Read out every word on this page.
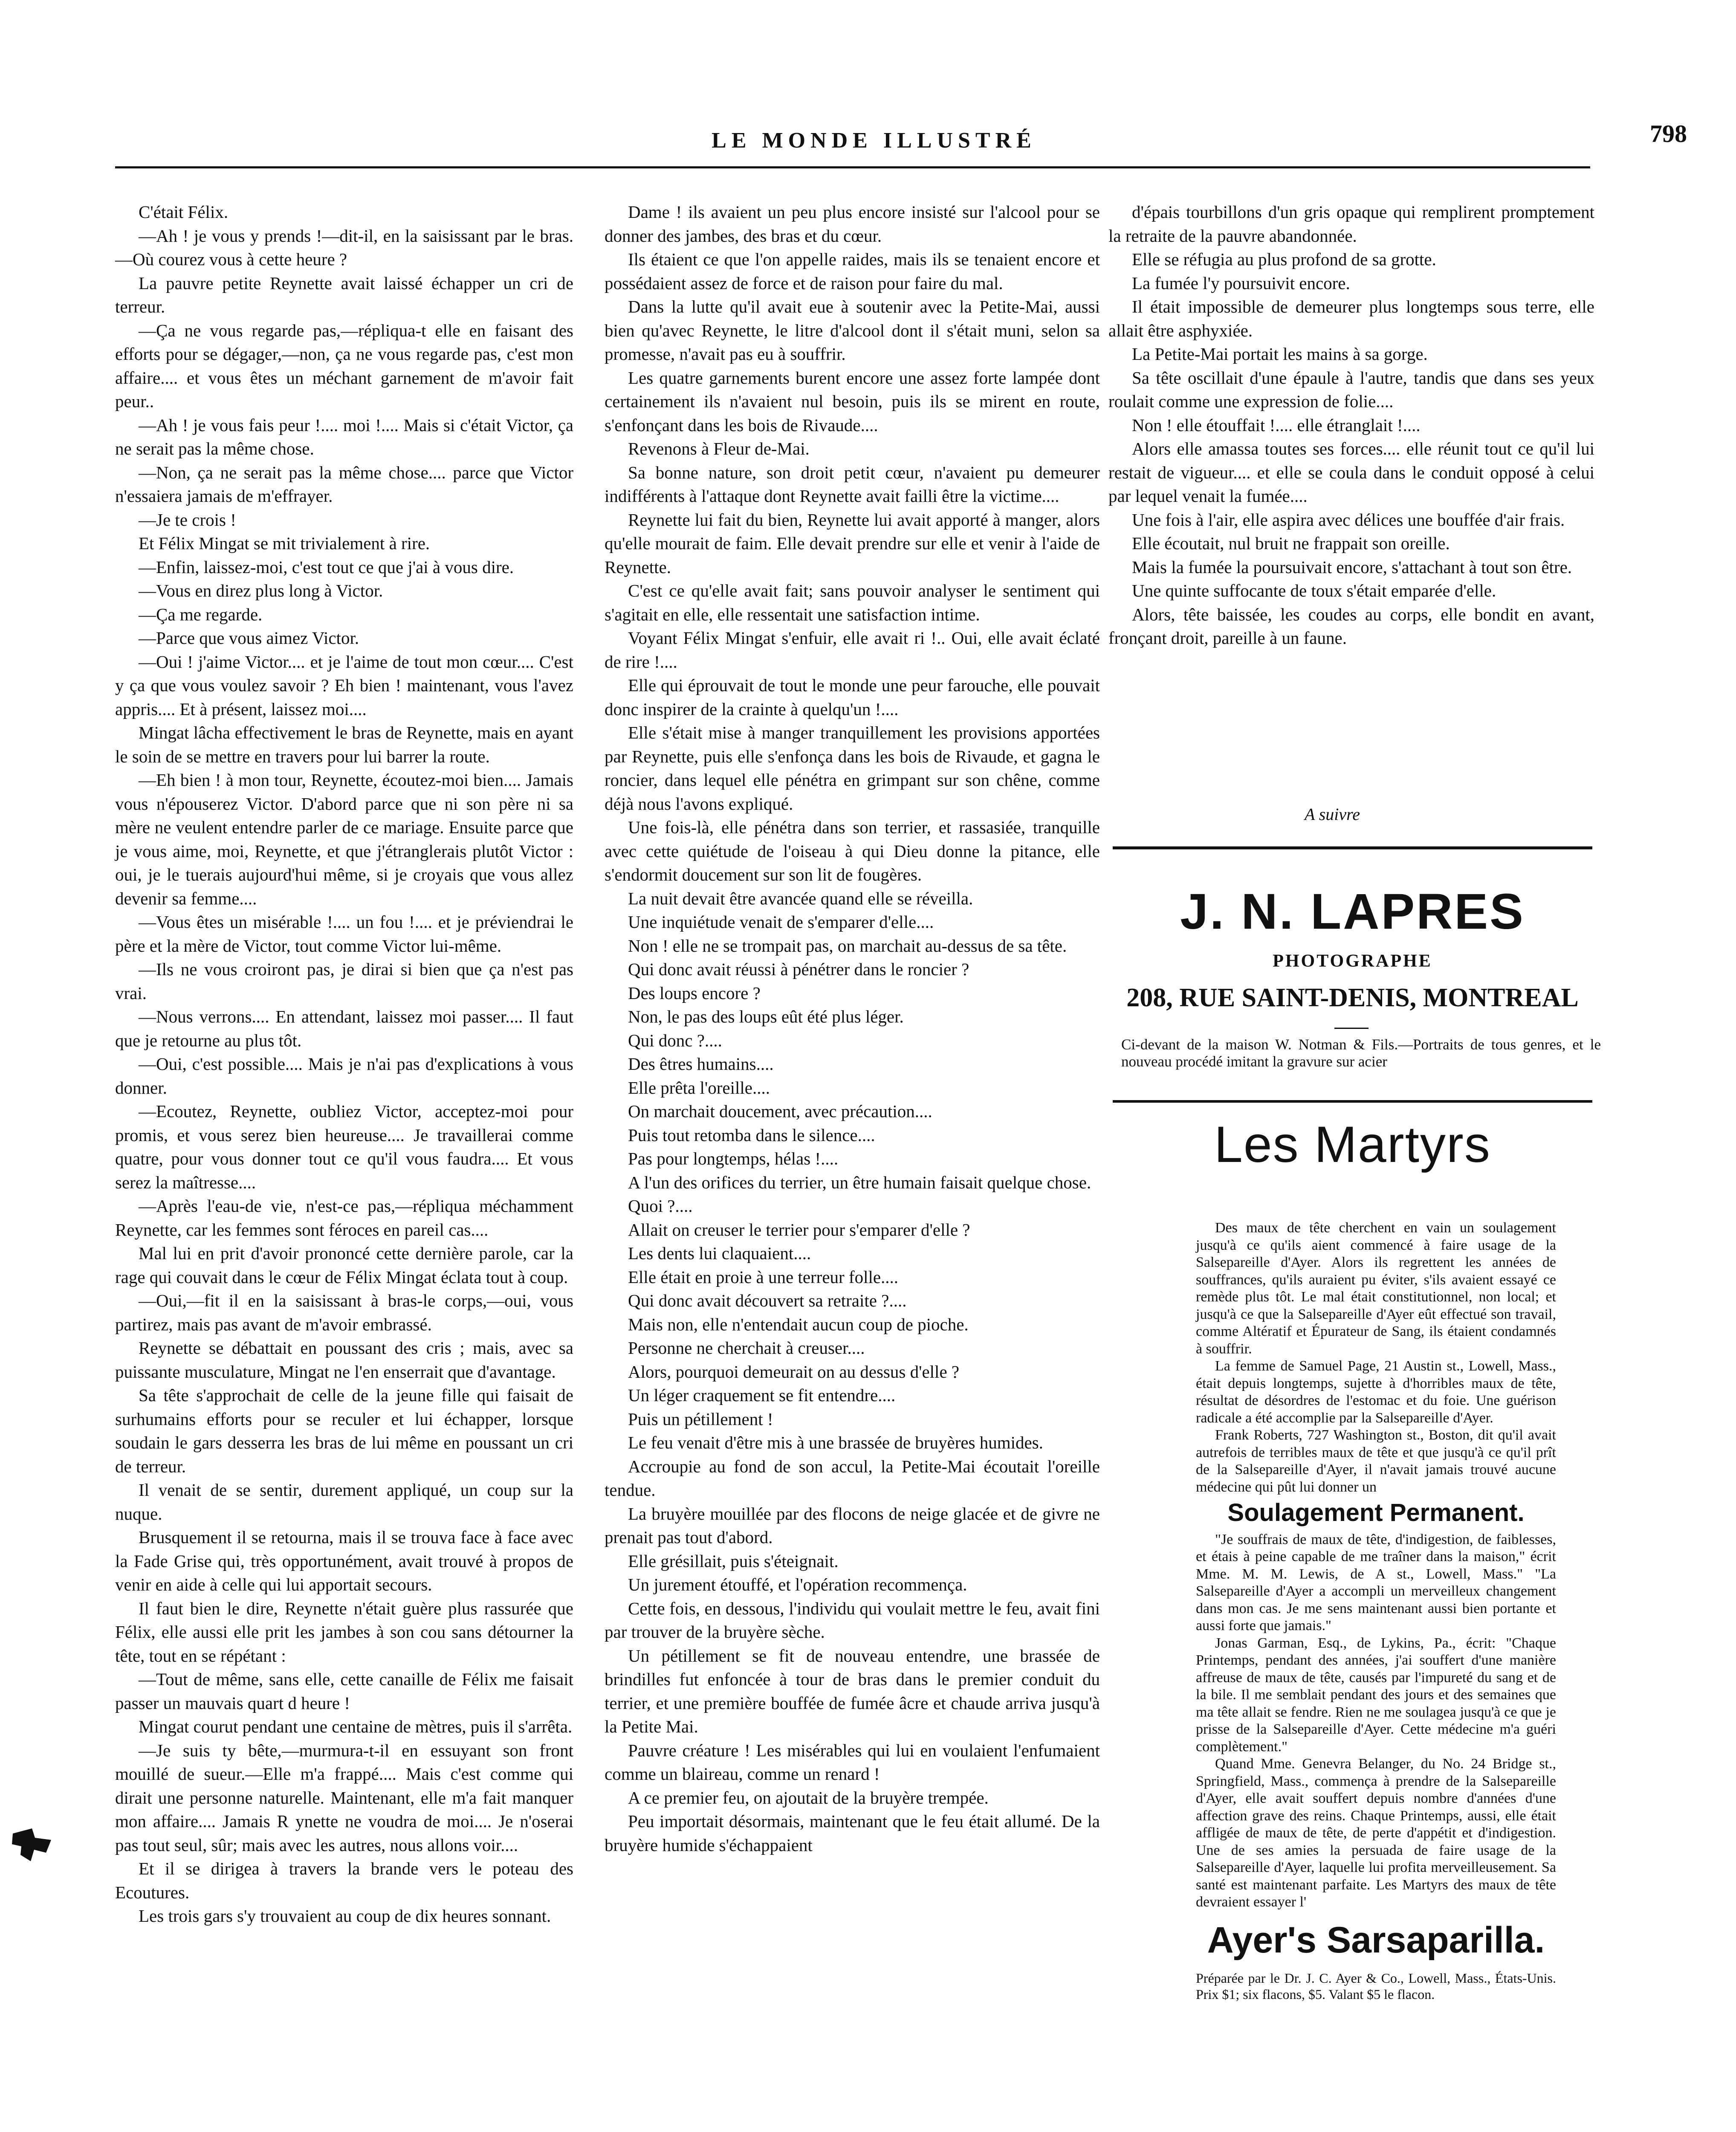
LE MONDE ILLUSTRÉ	798

C'était Félix.

—Ah ! je vous y prends !—dit-il, en la saisissant par le bras.—Où courez vous à cette heure ?

La pauvre petite Reynette avait laissé échapper un cri de terreur.

—Ça ne vous regarde pas,—répliqua-t elle en faisant des efforts pour se dégager,—non, ça ne vous regarde pas, c'est mon affaire.... et vous êtes un méchant garnement de m'avoir fait peur..

—Ah ! je vous fais peur !.... moi !.... Mais si c'était Victor, ça ne serait pas la même chose.

—Non, ça ne serait pas la même chose.... parce que Victor n'essaiera jamais de m'effrayer.

—Je te crois !

Et Félix Mingat se mit trivialement à rire.

—Enfin, laissez-moi, c'est tout ce que j'ai à vous dire.

—Vous en direz plus long à Victor.

—Ça me regarde.

—Parce que vous aimez Victor.

—Oui ! j'aime Victor.... et je l'aime de tout mon cœur.... C'est y ça que vous voulez savoir ? Eh bien ! maintenant, vous l'avez appris.... Et à présent, laissez moi....

Mingat lâcha effectivement le bras de Reynette, mais en ayant le soin de se mettre en travers pour lui barrer la route.

—Eh bien ! à mon tour, Reynette, écoutez-moi bien.... Jamais vous n'épouserez Victor. D'abord parce que ni son père ni sa mère ne veulent entendre parler de ce mariage. Ensuite parce que je vous aime, moi, Reynette, et que j'étranglerais plutôt Victor : oui, je le tuerais aujourd'hui même, si je croyais que vous allez devenir sa femme....

—Vous êtes un misérable !.... un fou !.... et je préviendrai le père et la mère de Victor, tout comme Victor lui-même.

—Ils ne vous croiront pas, je dirai si bien que ça n'est pas vrai.

—Nous verrons.... En attendant, laissez moi passer.... Il faut que je retourne au plus tôt.

—Oui, c'est possible.... Mais je n'ai pas d'explications à vous donner.

—Ecoutez, Reynette, oubliez Victor, acceptez-moi pour promis, et vous serez bien heureuse.... Je travaillerai comme quatre, pour vous donner tout ce qu'il vous faudra.... Et vous serez la maîtresse....

—Après l'eau-de vie, n'est-ce pas,—répliqua méchamment Reynette, car les femmes sont féroces en pareil cas....

Mal lui en prit d'avoir prononcé cette dernière parole, car la rage qui couvait dans le cœur de Félix Mingat éclata tout à coup.

—Oui,—fit il en la saisissant à bras-le corps,—oui, vous partirez, mais pas avant de m'avoir embrassé.

Reynette se débattait en poussant des cris ; mais, avec sa puissante musculature, Mingat ne l'en enserrait que d'avantage.

Sa tête s'approchait de celle de la jeune fille qui faisait de surhumains efforts pour se reculer et lui échapper, lorsque soudain le gars desserra les bras de lui même en poussant un cri de terreur.

Il venait de se sentir, durement appliqué, un coup sur la nuque.

Brusquement il se retourna, mais il se trouva face à face avec la Fade Grise qui, très opportunément, avait trouvé à propos de venir en aide à celle qui lui apportait secours.

Il faut bien le dire, Reynette n'était guère plus rassurée que Félix, elle aussi elle prit les jambes à son cou sans détourner la tête, tout en se répétant :

—Tout de même, sans elle, cette canaille de Félix me faisait passer un mauvais quart d heure !

Mingat courut pendant une centaine de mètres, puis il s'arrêta.

—Je suis ty bête,—murmura-t-il en essuyant son front mouillé de sueur.—Elle m'a frappé.... Mais c'est comme qui dirait une personne naturelle. Maintenant, elle m'a fait manquer mon affaire.... Jamais R ynette ne voudra de moi.... Je n'oserai pas tout seul, sûr; mais avec les autres, nous allons voir....

Et il se dirigea à travers la brande vers le poteau des Ecoutures.

Les trois gars s'y trouvaient au coup de dix heures sonnant.

Dame ! ils avaient un peu plus encore insisté sur l'alcool pour se donner des jambes, des bras et du cœur.

Ils étaient ce que l'on appelle raides, mais ils se tenaient encore et possédaient assez de force et de raison pour faire du mal.

Dans la lutte qu'il avait eue à soutenir avec la Petite-Mai, aussi bien qu'avec Reynette, le litre d'alcool dont il s'était muni, selon sa promesse, n'avait pas eu à souffrir.

Les quatre garnements burent encore une assez forte lampée dont certainement ils n'avaient nul besoin, puis ils se mirent en route, s'enfonçant dans les bois de Rivaude....

Revenons à Fleur de-Mai.

Sa bonne nature, son droit petit cœur, n'avaient pu demeurer indifférents à l'attaque dont Reynette avait failli être la victime....

Reynette lui fait du bien, Reynette lui avait apporté à manger, alors qu'elle mourait de faim. Elle devait prendre sur elle et venir à l'aide de Reynette.

C'est ce qu'elle avait fait; sans pouvoir analyser le sentiment qui s'agitait en elle, elle ressentait une satisfaction intime.

Voyant Félix Mingat s'enfuir, elle avait ri !.. Oui, elle avait éclaté de rire !....

Elle qui éprouvait de tout le monde une peur farouche, elle pouvait donc inspirer de la crainte à quelqu'un !....

Elle s'était mise à manger tranquillement les provisions apportées par Reynette, puis elle s'enfonça dans les bois de Rivaude, et gagna le roncier, dans lequel elle pénétra en grimpant sur son chêne, comme déjà nous l'avons expliqué.

Une fois-là, elle pénétra dans son terrier, et rassasiée, tranquille avec cette quiétude de l'oiseau à qui Dieu donne la pitance, elle s'endormit doucement sur son lit de fougères.

La nuit devait être avancée quand elle se réveilla.

Une inquiétude venait de s'emparer d'elle....

Non ! elle ne se trompait pas, on marchait au-dessus de sa tête.

Qui donc avait réussi à pénétrer dans le roncier ?

Des loups encore ?

Non, le pas des loups eût été plus léger.

Qui donc ?....

Des êtres humains....

Elle prêta l'oreille....

On marchait doucement, avec précaution....

Puis tout retomba dans le silence....

Pas pour longtemps, hélas !....

A l'un des orifices du terrier, un être humain faisait quelque chose.

Quoi ?....

Allait on creuser le terrier pour s'emparer d'elle ?

Les dents lui claquaient....

Elle était en proie à une terreur folle....

Qui donc avait découvert sa retraite ?....

Mais non, elle n'entendait aucun coup de pioche.

Personne ne cherchait à creuser....

Alors, pourquoi demeurait on au dessus d'elle ?

Un léger craquement se fit entendre....

Puis un pétillement !

Le feu venait d'être mis à une brassée de bruyères humides.

Accroupie au fond de son accul, la Petite-Mai écoutait l'oreille tendue.

La bruyère mouillée par des flocons de neige glacée et de givre ne prenait pas tout d'abord.

Elle grésillait, puis s'éteignait.

Un jurement étouffé, et l'opération recommença.

Cette fois, en dessous, l'individu qui voulait mettre le feu, avait fini par trouver de la bruyère sèche.

Un pétillement se fit de nouveau entendre, une brassée de brindilles fut enfoncée à tour de bras dans le premier conduit du terrier, et une première bouffée de fumée âcre et chaude arriva jusqu'à la Petite Mai.

Pauvre créature ! Les misérables qui lui en voulaient l'enfumaient comme un blaireau, comme un renard !

A ce premier feu, on ajoutait de la bruyère trempée.

Peu importait désormais, maintenant que le feu était allumé. De la bruyère humide s'échappaient

d'épais tourbillons d'un gris opaque qui remplirent promptement la retraite de la pauvre abandonnée.

Elle se réfugia au plus profond de sa grotte.

La fumée l'y poursuivit encore.

Il était impossible de demeurer plus longtemps sous terre, elle allait être asphyxiée.

La Petite-Mai portait les mains à sa gorge.

Sa tête oscillait d'une épaule à l'autre, tandis que dans ses yeux roulait comme une expression de folie....

Non ! elle étouffait !.... elle étranglait !....

Alors elle amassa toutes ses forces.... elle réunit tout ce qu'il lui restait de vigueur.... et elle se coula dans le conduit opposé à celui par lequel venait la fumée....

Une fois à l'air, elle aspira avec délices une bouffée d'air frais.

Elle écoutait, nul bruit ne frappait son oreille.

Mais la fumée la poursuivait encore, s'attachant à tout son être.

Une quinte suffocante de toux s'était emparée d'elle.

Alors, tête baissée, les coudes au corps, elle bondit en avant, fronçant droit, pareille à un faune.

A suivre
J. N. LAPRES
PHOTOGRAPHE
208, RUE SAINT-DENIS, MONTREAL
Ci-devant de la maison W. Notman & Fils.—Portraits de tous genres, et le nouveau procédé imitant la gravure sur acier
Les Martyrs

Des maux de tête cherchent en vain un soulagement jusqu'à ce qu'ils aient commencé à faire usage de la Salsepareille d'Ayer. Alors ils regrettent les années de souffrances, qu'ils auraient pu éviter, s'ils avaient essayé ce remède plus tôt. Le mal était constitutionnel, non local; et jusqu'à ce que la Salsepareille d'Ayer eût effectué son travail, comme Altératif et Épurateur de Sang, ils étaient condamnés à souffrir.

La femme de Samuel Page, 21 Austin st., Lowell, Mass., était depuis longtemps, sujette à d'horribles maux de tête, résultat de désordres de l'estomac et du foie. Une guérison radicale a été accomplie par la Salsepareille d'Ayer.

Frank Roberts, 727 Washington st., Boston, dit qu'il avait autrefois de terribles maux de tête et que jusqu'à ce qu'il prît de la Salsepareille d'Ayer, il n'avait jamais trouvé aucune médecine qui pût lui donner un

Soulagement Permanent.

"Je souffrais de maux de tête, d'indigestion, de faiblesses, et étais à peine capable de me traîner dans la maison," écrit Mme. M. M. Lewis, de A st., Lowell, Mass." "La Salsepareille d'Ayer a accompli un merveilleux changement dans mon cas. Je me sens maintenant aussi bien portante et aussi forte que jamais."

Jonas Garman, Esq., de Lykins, Pa., écrit: "Chaque Printemps, pendant des années, j'ai souffert d'une manière affreuse de maux de tête, causés par l'impureté du sang et de la bile. Il me semblait pendant des jours et des semaines que ma tête allait se fendre. Rien ne me soulagea jusqu'à ce que je prisse de la Salsepareille d'Ayer. Cette médecine m'a guéri complètement."

Quand Mme. Genevra Belanger, du No. 24 Bridge st., Springfield, Mass., commença à prendre de la Salsepareille d'Ayer, elle avait souffert depuis nombre d'années d'une affection grave des reins. Chaque Printemps, aussi, elle était affligée de maux de tête, de perte d'appétit et d'indigestion. Une de ses amies la persuada de faire usage de la Salsepareille d'Ayer, laquelle lui profita merveilleusement. Sa santé est maintenant parfaite. Les Martyrs des maux de tête devraient essayer l'

Ayer's Sarsaparilla.

Préparée par le Dr. J. C. Ayer & Co., Lowell, Mass., États-Unis. Prix $1; six flacons, $5. Valant $5 le flacon.
